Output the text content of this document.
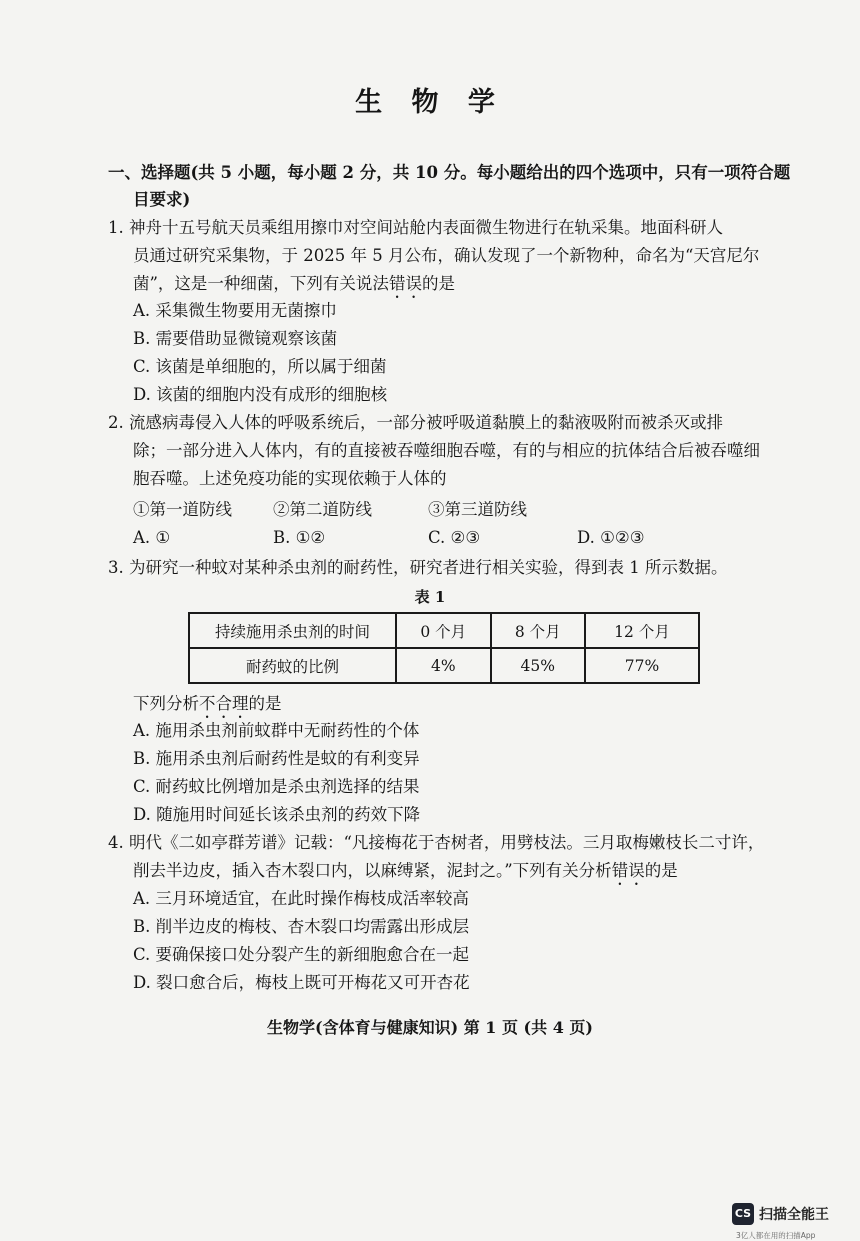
生 物 学
一、选择题(共 5 小题，每小题 2 分，共 10 分。每小题给出的四个选项中，只有一项符合题
目要求)
1. 神舟十五号航天员乘组用擦巾对空间站舱内表面微生物进行在轨采集。地面科研人
员通过研究采集物，于 2025 年 5 月公布，确认发现了一个新物种，命名为“天宫尼尔
菌”，这是一种细菌，下列有关说法错误的是
A. 采集微生物要用无菌擦巾
B. 需要借助显微镜观察该菌
C. 该菌是单细胞的，所以属于细菌
D. 该菌的细胞内没有成形的细胞核
2. 流感病毒侵入人体的呼吸系统后，一部分被呼吸道黏膜上的黏液吸附而被杀灭或排
除；一部分进入人体内，有的直接被吞噬细胞吞噬，有的与相应的抗体结合后被吞噬细
胞吞噬。上述免疫功能的实现依赖于人体的
①第一道防线 ②第二道防线	③第三道防线
A. ①	B. ①②	C. ②③	D. ①②③
3. 为研究一种蚊对某种杀虫剂的耐药性，研究者进行相关实验，得到表 1 所示数据。
表 1
持续施用杀虫剂的时间	0 个月	8 个月	12 个月
耐药蚊的比例	4%	45%	77%
下列分析不合理的是
A. 施用杀虫剂前蚊群中无耐药性的个体
B. 施用杀虫剂后耐药性是蚊的有利变异
C. 耐药蚊比例增加是杀虫剂选择的结果
D. 随施用时间延长该杀虫剂的药效下降
4. 明代《二如亭群芳谱》记载：“凡接梅花于杏树者，用劈枝法。三月取梅嫩枝长二寸许，
削去半边皮，插入杏木裂口内，以麻缚紧，泥封之。”下列有关分析错误的是
A. 三月环境适宜，在此时操作梅枝成活率较高
B. 削半边皮的梅枝、杏木裂口均需露出形成层
C. 要确保接口处分裂产生的新细胞愈合在一起
D. 裂口愈合后，梅枝上既可开梅花又可开杏花
生物学(含体育与健康知识) 第 1 页 (共 4 页)
CS 扫描全能王
3亿人都在用的扫描App
